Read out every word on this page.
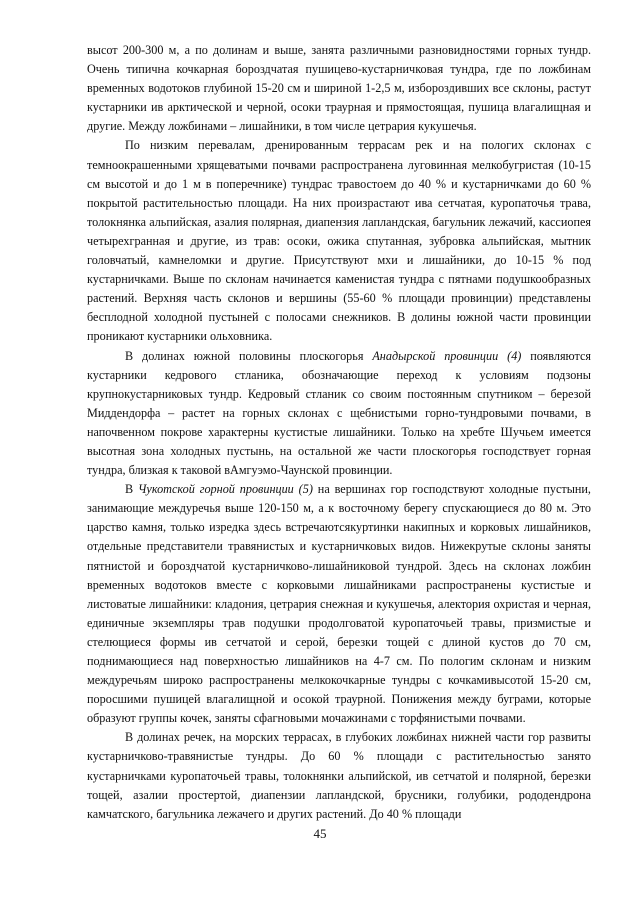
высот 200-300 м, а по долинам и выше, занята различными разновидностями горных тундр. Очень типична кочкарная бороздчатая пушицево-кустарничковая тундра, где по ложбинам временных водотоков глубиной 15-20 см и шириной 1-2,5 м, избороздивших все склоны, растут кустарники ив арктической и черной, осоки траурная и прямостоящая, пушица влагалищная и другие. Между ложбинами – лишайники, в том числе цетрария кукушечья.

По низким перевалам, дренированным террасам рек и на пологих склонах с темноокрашенными хрящеватыми почвами распространена луговинная мелкобугристая (10-15 см высотой и до 1 м в поперечнике) тундрас травостоем до 40 % и кустарничками до 60 % покрытой растительностью площади. На них произрастают ива сетчатая, куропаточья трава, толокнянка альпийская, азалия полярная, диапензия лапландская, багульник лежачий, кассиопея четырехгранная и другие, из трав: осоки, ожика спутанная, зубровка альпийская, мытник головчатый, камнеломки и другие. Присутствуют мхи и лишайники, до 10-15 % под кустарничками. Выше по склонам начинается каменистая тундра с пятнами подушкообразных растений. Верхняя часть склонов и вершины (55-60 % площади провинции) представлены бесплодной холодной пустыней с полосами снежников. В долины южной части провинции проникают кустарники ольховника.

В долинах южной половины плоскогорья Анадырской провинции (4) появляются кустарники кедрового стланика, обозначающие переход к условиям подзоны крупнокустарниковых тундр. Кедровый стланик со своим постоянным спутником – березой Миддендорфа – растет на горных склонах с щебнистыми горно-тундровыми почвами, в напочвенном покрове характерны кустистые лишайники. Только на хребте Шучьем имеется высотная зона холодных пустынь, на остальной же части плоскогорья господствует горная тундра, близкая к таковой вАмгуэмо-Чаунской провинции.

В Чукотской горной провинции (5) на вершинах гор господствуют холодные пустыни, занимающие междуречья выше 120-150 м, а к восточному берегу спускающиеся до 80 м. Это царство камня, только изредка здесь встречаютсякуртинки накипных и корковых лишайников, отдельные представители травянистых и кустарничковых видов. Нижекрутые склоны заняты пятнистой и бороздчатой кустарничково-лишайниковой тундрой. Здесь на склонах ложбин временных водотоков вместе с корковыми лишайниками распространены кустистые и листоватые лишайники: кладония, цетрария снежная и кукушечья, алектория охристая и черная, единичные экземпляры трав подушки продолговатой куропаточьей травы, призмистые и стелющиеся формы ив сетчатой и серой, березки тощей с длиной кустов до 70 см, поднимающиеся над поверхностью лишайников на 4-7 см. По пологим склонам и низким междуречьям широко распространены мелкокочкарные тундры с кочкамивысотой 15-20 см, поросшими пушицей влагалищной и осокой траурной. Понижения между буграми, которые образуют группы кочек, заняты сфагновыми мочажинами с торфянистыми почвами.

В долинах речек, на морских террасах, в глубоких ложбинах нижней части гор развиты кустарничково-травянистые тундры. До 60 % площади с растительностью занято кустарничками куропаточьей травы, толокнянки альпийской, ив сетчатой и полярной, березки тощей, азалии простертой, диапензии лапландской, брусники, голубики, рододендрона камчатского, багульника лежачего и других растений. До 40 % площади

45
